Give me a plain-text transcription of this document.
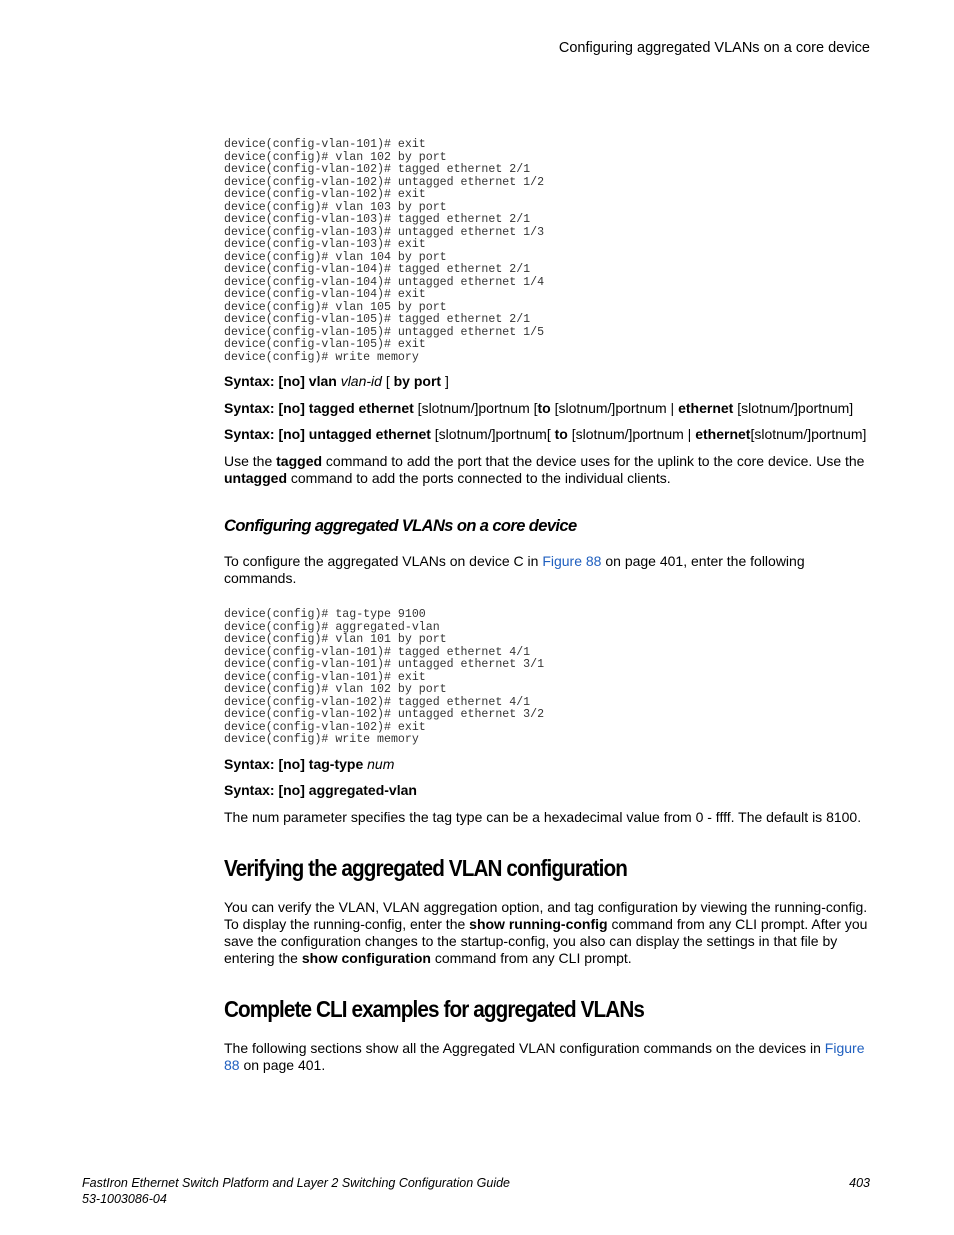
Configuring aggregated VLANs on a core device
device(config-vlan-101)# exit
device(config)# vlan 102 by port
device(config-vlan-102)# tagged ethernet 2/1
device(config-vlan-102)# untagged ethernet 1/2
device(config-vlan-102)# exit
device(config)# vlan 103 by port
device(config-vlan-103)# tagged ethernet 2/1
device(config-vlan-103)# untagged ethernet 1/3
device(config-vlan-103)# exit
device(config)# vlan 104 by port
device(config-vlan-104)# tagged ethernet 2/1
device(config-vlan-104)# untagged ethernet 1/4
device(config-vlan-104)# exit
device(config)# vlan 105 by port
device(config-vlan-105)# tagged ethernet 2/1
device(config-vlan-105)# untagged ethernet 1/5
device(config-vlan-105)# exit
device(config)# write memory
Syntax: [no] vlan vlan-id [ by port ]
Syntax: [no] tagged ethernet [slotnum/]portnum [to [slotnum/]portnum | ethernet [slotnum/]portnum]
Syntax: [no] untagged ethernet [slotnum/]portnum[ to [slotnum/]portnum | ethernet[slotnum/]portnum]
Use the tagged command to add the port that the device uses for the uplink to the core device. Use the untagged command to add the ports connected to the individual clients.
Configuring aggregated VLANs on a core device
To configure the aggregated VLANs on device C in Figure 88 on page 401, enter the following commands.
device(config)# tag-type 9100
device(config)# aggregated-vlan
device(config)# vlan 101 by port
device(config-vlan-101)# tagged ethernet 4/1
device(config-vlan-101)# untagged ethernet 3/1
device(config-vlan-101)# exit
device(config)# vlan 102 by port
device(config-vlan-102)# tagged ethernet 4/1
device(config-vlan-102)# untagged ethernet 3/2
device(config-vlan-102)# exit
device(config)# write memory
Syntax: [no] tag-type num
Syntax: [no] aggregated-vlan
The num parameter specifies the tag type can be a hexadecimal value from 0 - ffff. The default is 8100.
Verifying the aggregated VLAN configuration
You can verify the VLAN, VLAN aggregation option, and tag configuration by viewing the running-config. To display the running-config, enter the show running-config command from any CLI prompt. After you save the configuration changes to the startup-config, you also can display the settings in that file by entering the show configuration command from any CLI prompt.
Complete CLI examples for aggregated VLANs
The following sections show all the Aggregated VLAN configuration commands on the devices in Figure 88 on page 401.
FastIron Ethernet Switch Platform and Layer 2 Switching Configuration Guide
53-1003086-04
403
